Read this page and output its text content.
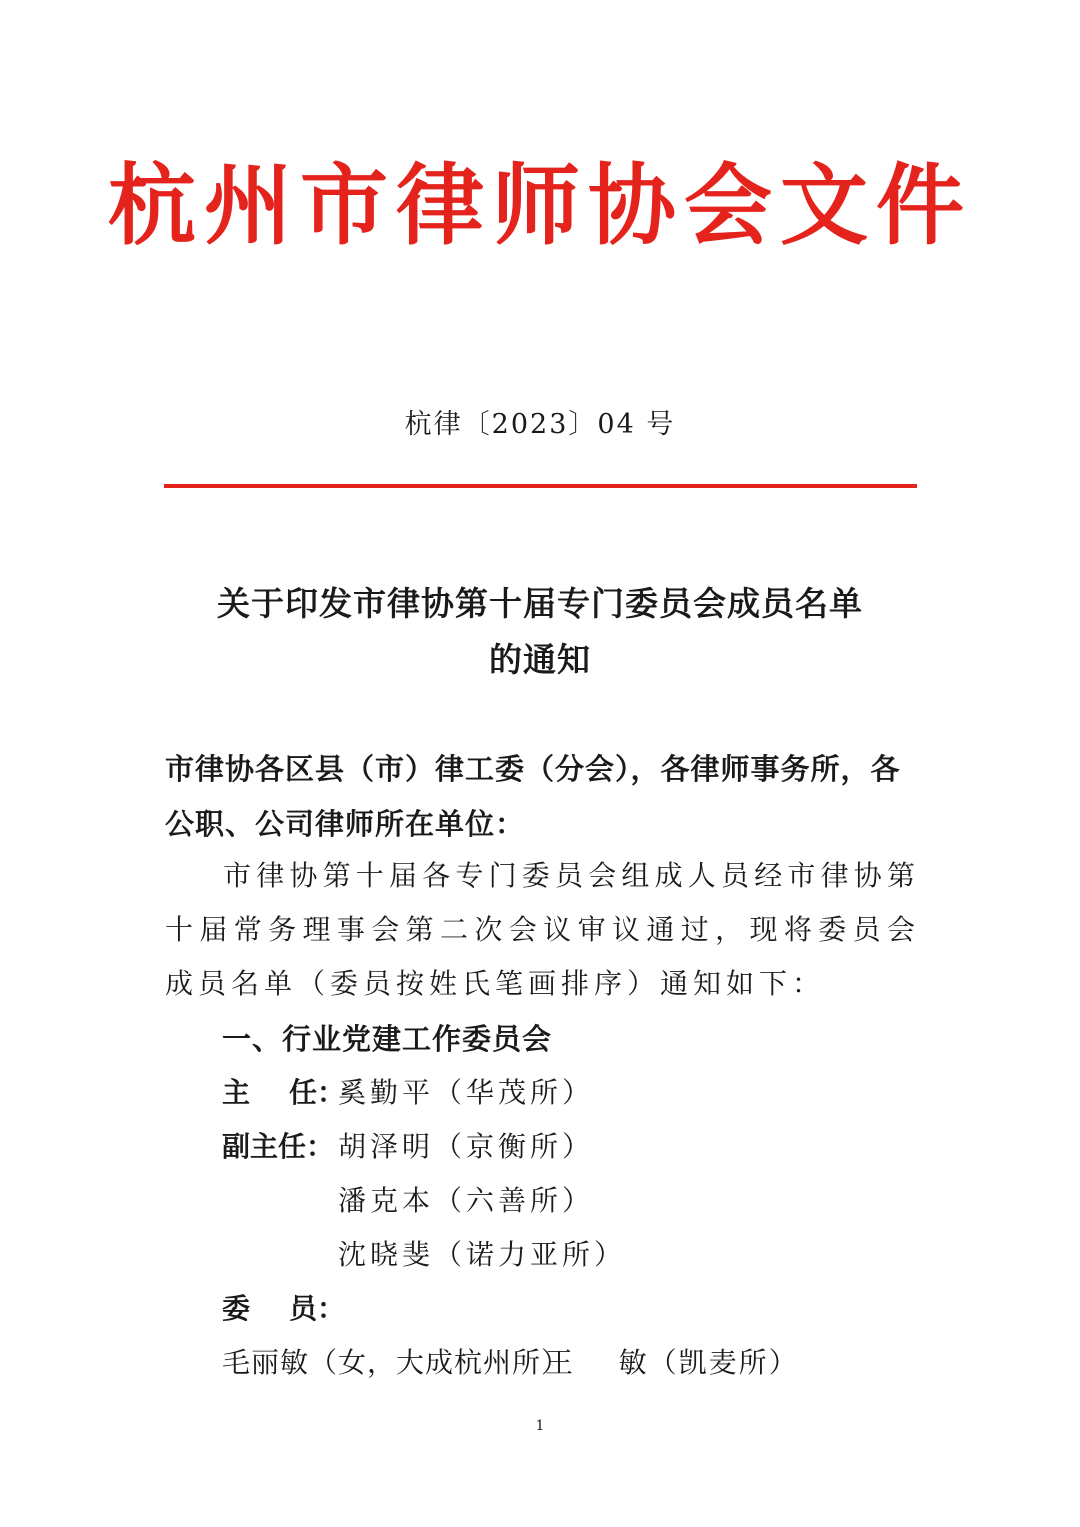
杭州市律师协会文件
杭律〔2023〕04 号
关于印发市律协第十届专门委员会成员名单
的通知
市律协各区县（市）律工委（分会），各律师事务所，各公职、公司律师所在单位：
市律协第十届各专门委员会组成人员经市律协第十届常务理事会第二次会议审议通过，现将委员会成员名单（委员按姓氏笔画排序）通知如下：
一、行业党建工作委员会
主    任：
奚勤平（华茂所）
副主任： 胡泽明（京衡所）
潘克本（六善所）
沈晓斐（诺力亚所）
委    员：
毛丽敏（女，大成杭州所）
王    敏（凯麦所）
1
